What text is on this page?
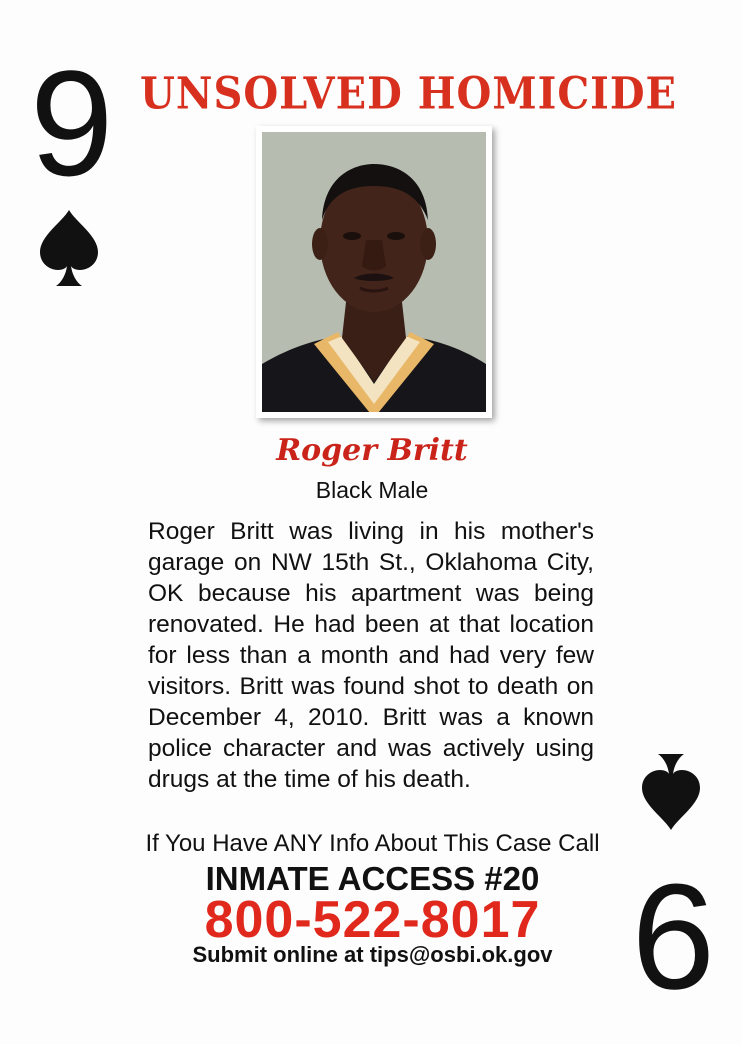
9 UNSOLVED HOMICIDE
Roger Britt
Black Male
Roger Britt was living in his mother's garage on NW 15th St., Oklahoma City, OK because his apartment was being renovated. He had been at that location for less than a month and had very few visitors. Britt was found shot to death on December 4, 2010. Britt was a known police character and was actively using drugs at the time of his death.
If You Have ANY Info About This Case Call
INMATE ACCESS #20
800-522-8017
Submit online at tips@osbi.ok.gov 9
